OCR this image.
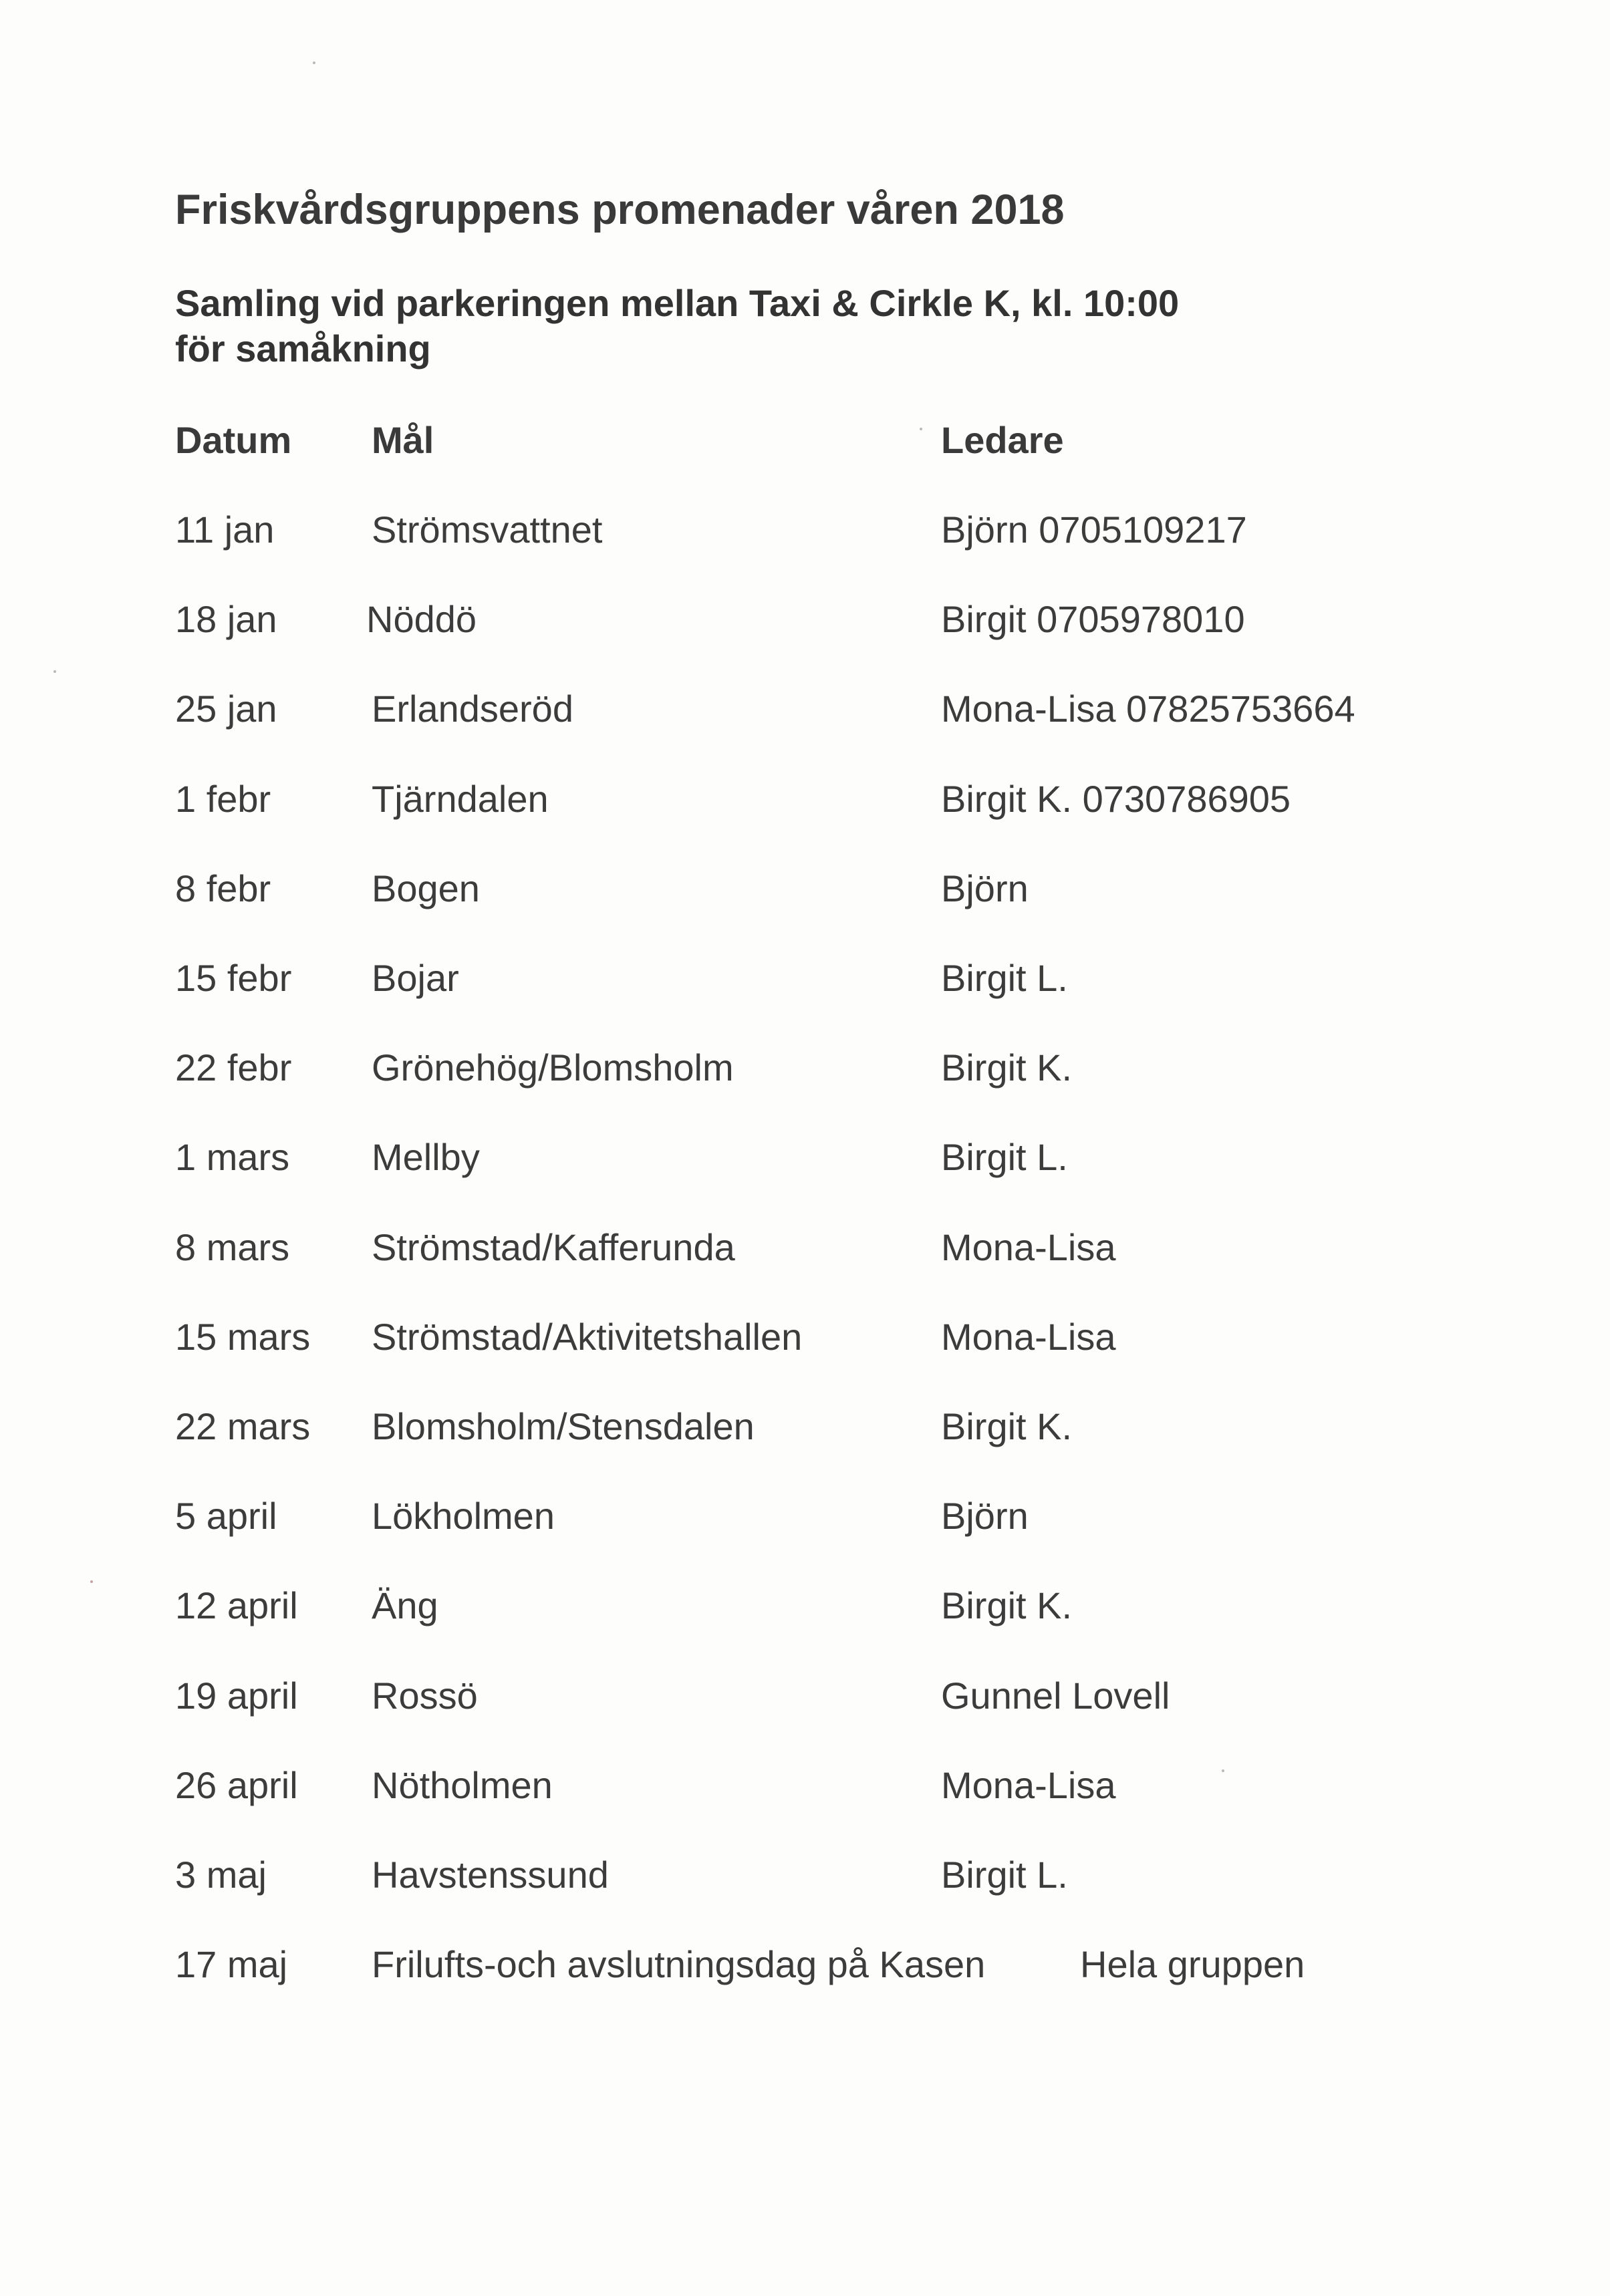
Friskvårdsgruppens promenader våren 2018
Samling vid parkeringen mellan Taxi & Cirkle K, kl. 10:00
för samåkning
Datum Mål	Ledare
11 jan	Strömsvattnet	Björn 0705109217
18 jan Nöddö	Birgit 0705978010
25 jan	Erlandseröd	Mona-Lisa 07825753664
1 febr	Tjärndalen	Birgit K. 0730786905
8 febr	Bogen	Björn
15 febr Bojar	Birgit L.
22 febr Grönehög/Blomsholm	Birgit K.
1 mars Mellby	Birgit L.
8 mars Strömstad/Kafferunda	Mona-Lisa
15 mars Strömstad/Aktivitetshallen	Mona-Lisa
22 mars Blomsholm/Stensdalen	Birgit K.
5 april	Lökholmen	Björn
12 april Äng	Birgit K.
19 april Rossö	Gunnel Lovell
26 april Nötholmen	Mona-Lisa
3 maj	Havstenssund	Birgit L.
17 maj Frilufts-och avslutningsdag på Kasen	Hela gruppen
